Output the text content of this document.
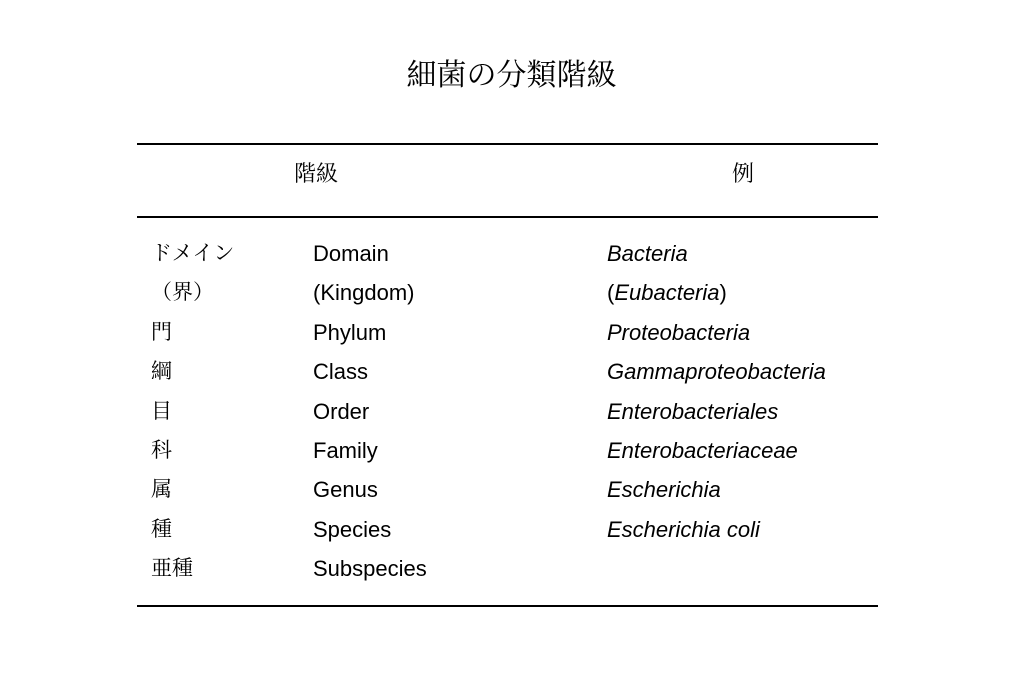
細菌の分類階級
階級	例
ドメイン	Domain	Bacteria
（界）	(Kingdom)	(Eubacteria)
門	Phylum	Proteobacteria
綱	Class	Gammaproteobacteria
目	Order	Enterobacteriales
科	Family	Enterobacteriaceae
属	Genus	Escherichia
種	Species	Escherichia coli
亜種	Subspecies
